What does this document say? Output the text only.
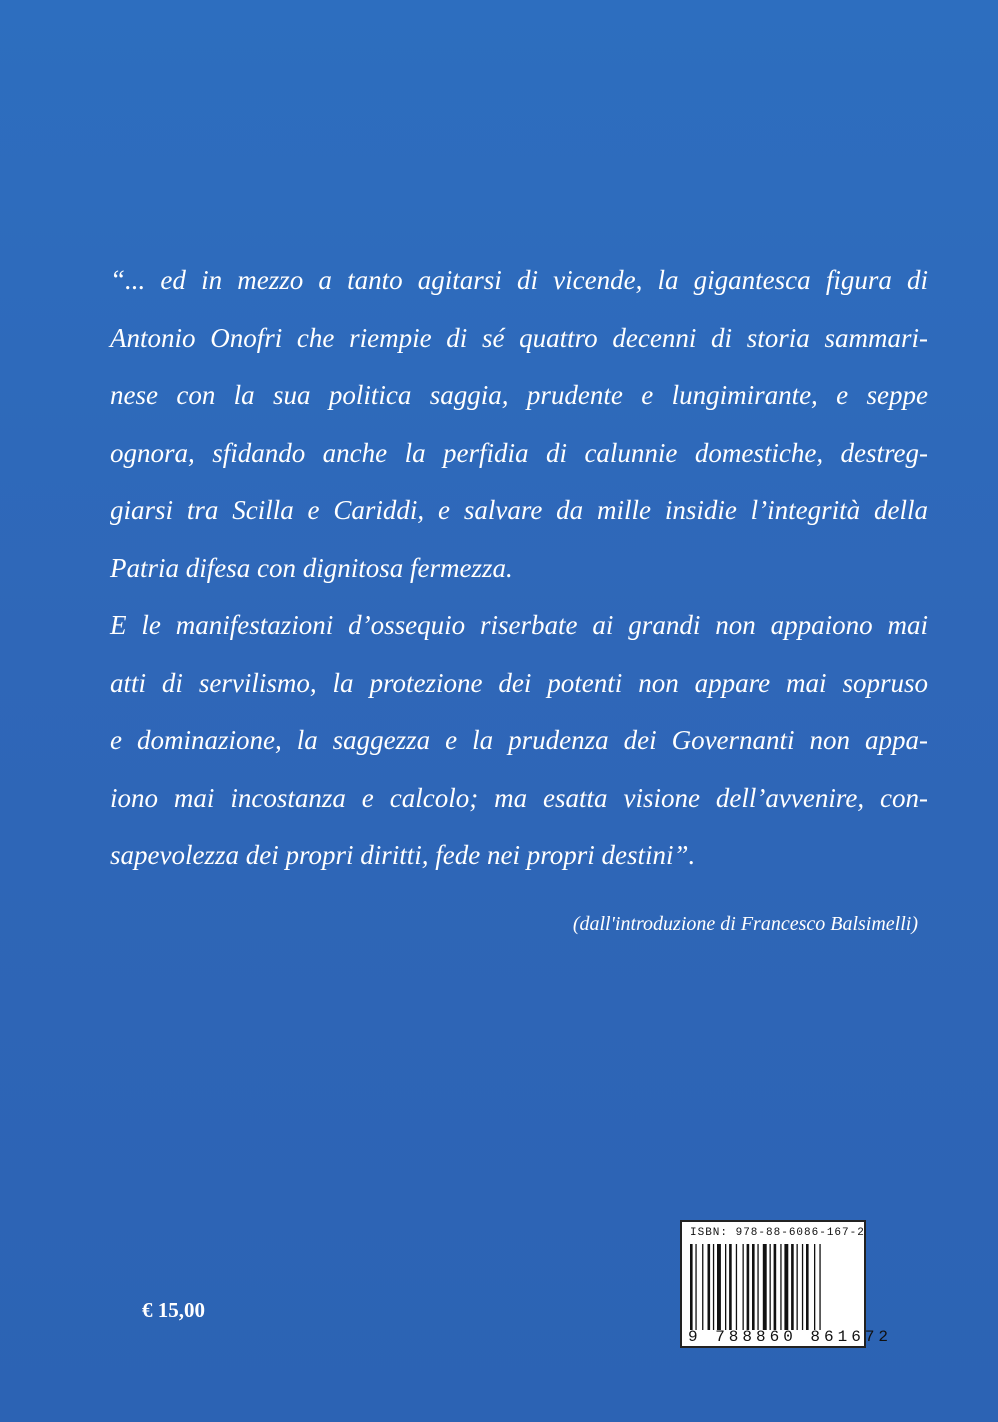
“... ed in mezzo a tanto agitarsi di vicende, la gigantesca figura di
Antonio Onofri che riempie di sé quattro decenni di storia sammari-
nese con la sua politica saggia, prudente e lungimirante, e seppe
ognora, sfidando anche la perfidia di calunnie domestiche, destreg-
giarsi tra Scilla e Cariddi, e salvare da mille insidie l’integrità della
Patria difesa con dignitosa fermezza.
E le manifestazioni d’ossequio riserbate ai grandi non appaiono mai
atti di servilismo, la protezione dei potenti non appare mai sopruso
e dominazione, la saggezza e la prudenza dei Governanti non appa-
iono mai incostanza e calcolo; ma esatta visione dell’avvenire, con-
sapevolezza dei propri diritti, fede nei propri destini”.
(dall'introduzione di Francesco Balsimelli)
€ 15,00
ISBN: 978-88-6086-167-2
9 788860 861672
